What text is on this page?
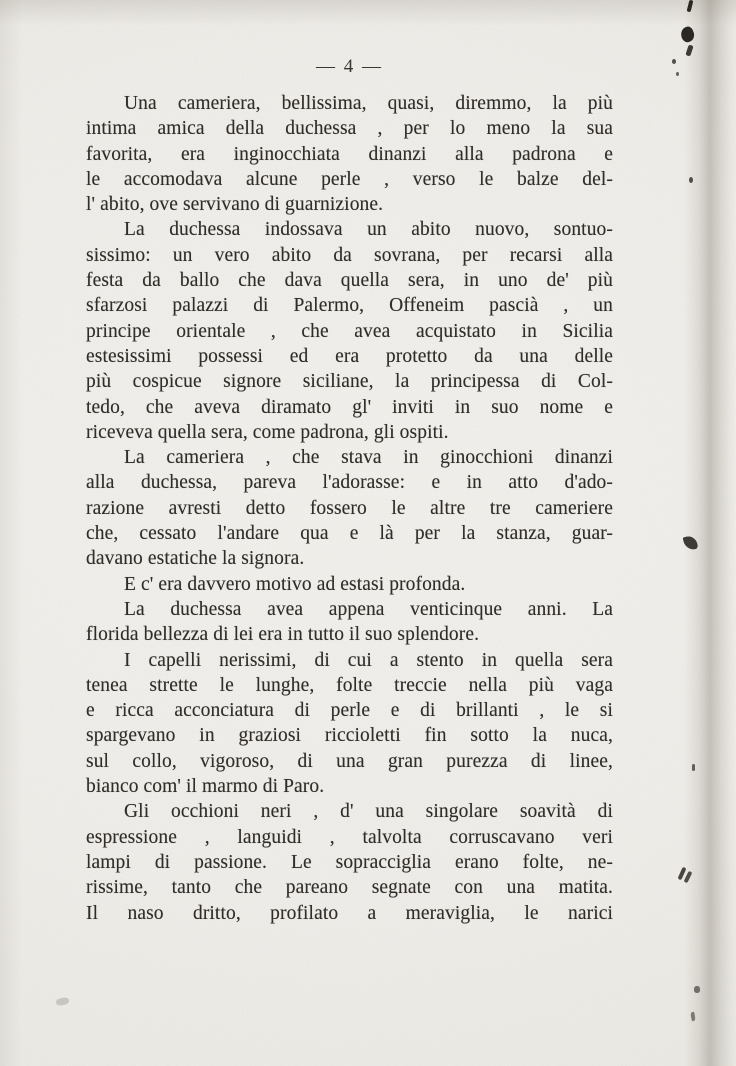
— 4 —
Una cameriera, bellissima, quasi, diremmo, la più
intima amica della duchessa , per lo meno la sua
favorita, era inginocchiata dinanzi alla padrona e
le accomodava alcune perle , verso le balze del-
l' abito, ove servivano di guarnizione.
La duchessa indossava un abito nuovo, sontuo-
sissimo: un vero abito da sovrana, per recarsi alla
festa da ballo che dava quella sera, in uno de' più
sfarzosi palazzi di Palermo, Offeneim pascià , un
principe orientale , che avea acquistato in Sicilia
estesissimi possessi ed era protetto da una delle
più cospicue signore siciliane, la principessa di Col-
tedo, che aveva diramato gl' inviti in suo nome e
riceveva quella sera, come padrona, gli ospiti.
La cameriera , che stava in ginocchioni dinanzi
alla duchessa, pareva l'adorasse: e in atto d'ado-
razione avresti detto fossero le altre tre cameriere
che, cessato l'andare qua e là per la stanza, guar-
davano estatiche la signora.
E c' era davvero motivo ad estasi profonda.
La duchessa avea appena venticinque anni. La
florida bellezza di lei era in tutto il suo splendore.
I capelli nerissimi, di cui a stento in quella sera
tenea strette le lunghe, folte treccie nella più vaga
e ricca acconciatura di perle e di brillanti , le si
spargevano in graziosi riccioletti fin sotto la nuca,
sul collo, vigoroso, di una gran purezza di linee,
bianco com' il marmo di Paro.
Gli occhioni neri , d' una singolare soavità di
espressione , languidi , talvolta corruscavano veri
lampi di passione. Le sopracciglia erano folte, ne-
rissime, tanto che pareano segnate con una matita.
Il naso dritto, profilato a meraviglia, le narici
